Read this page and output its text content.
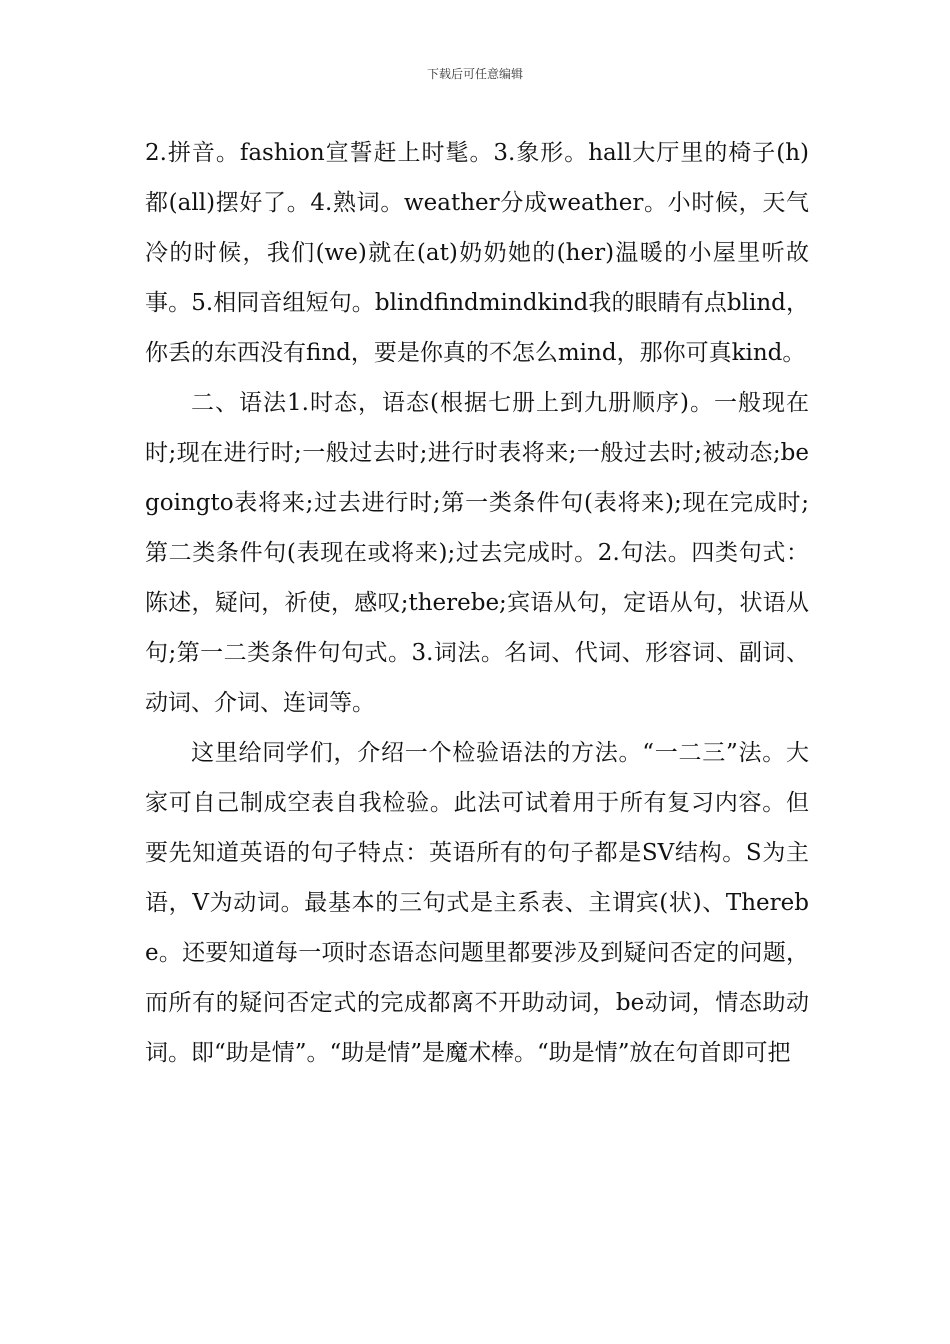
下载后可任意编辑

2.拼音。fashion宣誓赶上时髦。3.象形。hall大厅里的椅子(h)都(all)摆好了。4.熟词。weather分成weather。小时候，天气冷的时候，我们(we)就在(at)奶奶她的(her)温暖的小屋里听故事。5.相同音组短句。blindfindmindkind我的眼睛有点blind，你丢的东西没有find，要是你真的不怎么mind，那你可真kind。

二、语法1.时态，语态(根据七册上到九册顺序)。一般现在时;现在进行时;一般过去时;进行时表将来;一般过去时;被动态;begoingto表将来;过去进行时;第一类条件句(表将来);现在完成时;第二类条件句(表现在或将来);过去完成时。2.句法。四类句式：陈述，疑问，祈使，感叹;therebe;宾语从句，定语从句，状语从句;第一二类条件句句式。3.词法。名词、代词、形容词、副词、动词、介词、连词等。

这里给同学们，介绍一个检验语法的方法。“一二三”法。大家可自己制成空表自我检验。此法可试着用于所有复习内容。但要先知道英语的句子特点：英语所有的句子都是SV结构。S为主语，V为动词。最基本的三句式是主系表、主谓宾(状)、Therebe。还要知道每一项时态语态问题里都要涉及到疑问否定的问题，而所有的疑问否定式的完成都离不开助动词，be动词，情态助动词。即“助是情”。“助是情”是魔术棒。“助是情”放在句首即可把
